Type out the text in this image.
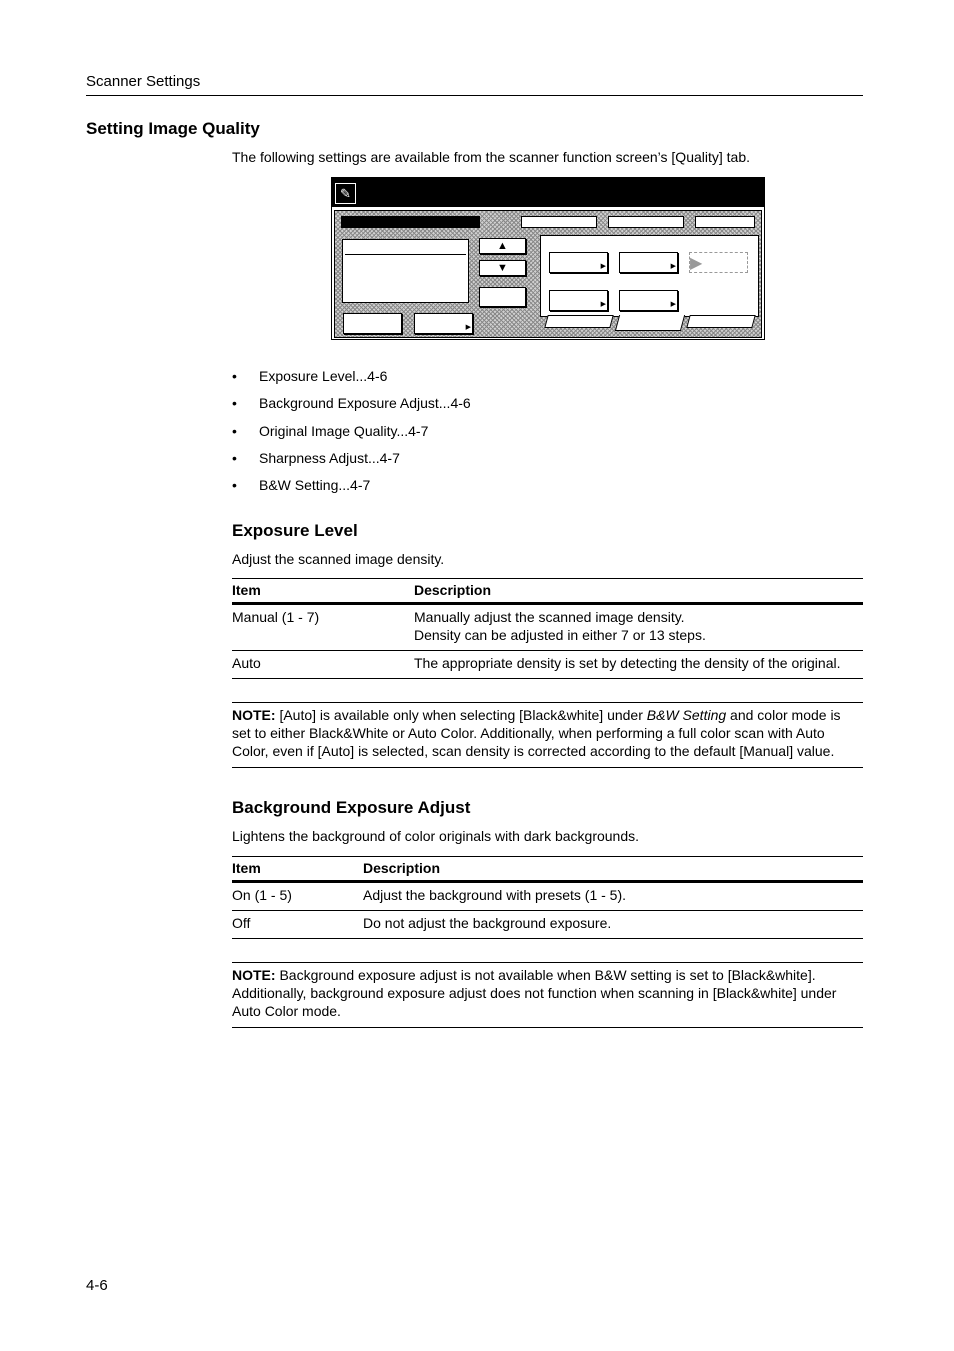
Scanner Settings
Setting Image Quality
The following settings are available from the scanner function screen’s [Quality] tab.
✎
▲
▼	▶	▶ ▶
▶	▶
▶
• Exposure Level...4-6
• Background Exposure Adjust...4-6
• Original Image Quality...4-7
• Sharpness Adjust...4-7
• B&W Setting...4-7
Exposure Level
Adjust the scanned image density.
Item	Description
Manual (1 - 7)	Manually adjust the scanned image density.
Density can be adjusted in either 7 or 13 steps.

Auto	The appropriate density is set by detecting the density of the original.
NOTE: [Auto] is available only when selecting [Black&white] under B&W Setting and color mode is set to either Black&White or Auto Color. Additionally, when performing a full color scan with Auto Color, even if [Auto] is selected, scan density is corrected according to the default [Manual] value.
Background Exposure Adjust
Lightens the background of color originals with dark backgrounds.
Item	Description
On (1 - 5)	Adjust the background with presets (1 - 5).
Off	Do not adjust the background exposure.
NOTE: Background exposure adjust is not available when B&W setting is set to [Black&white]. Additionally, background exposure adjust does not function when scanning in [Black&white] under Auto Color mode.
4-6
